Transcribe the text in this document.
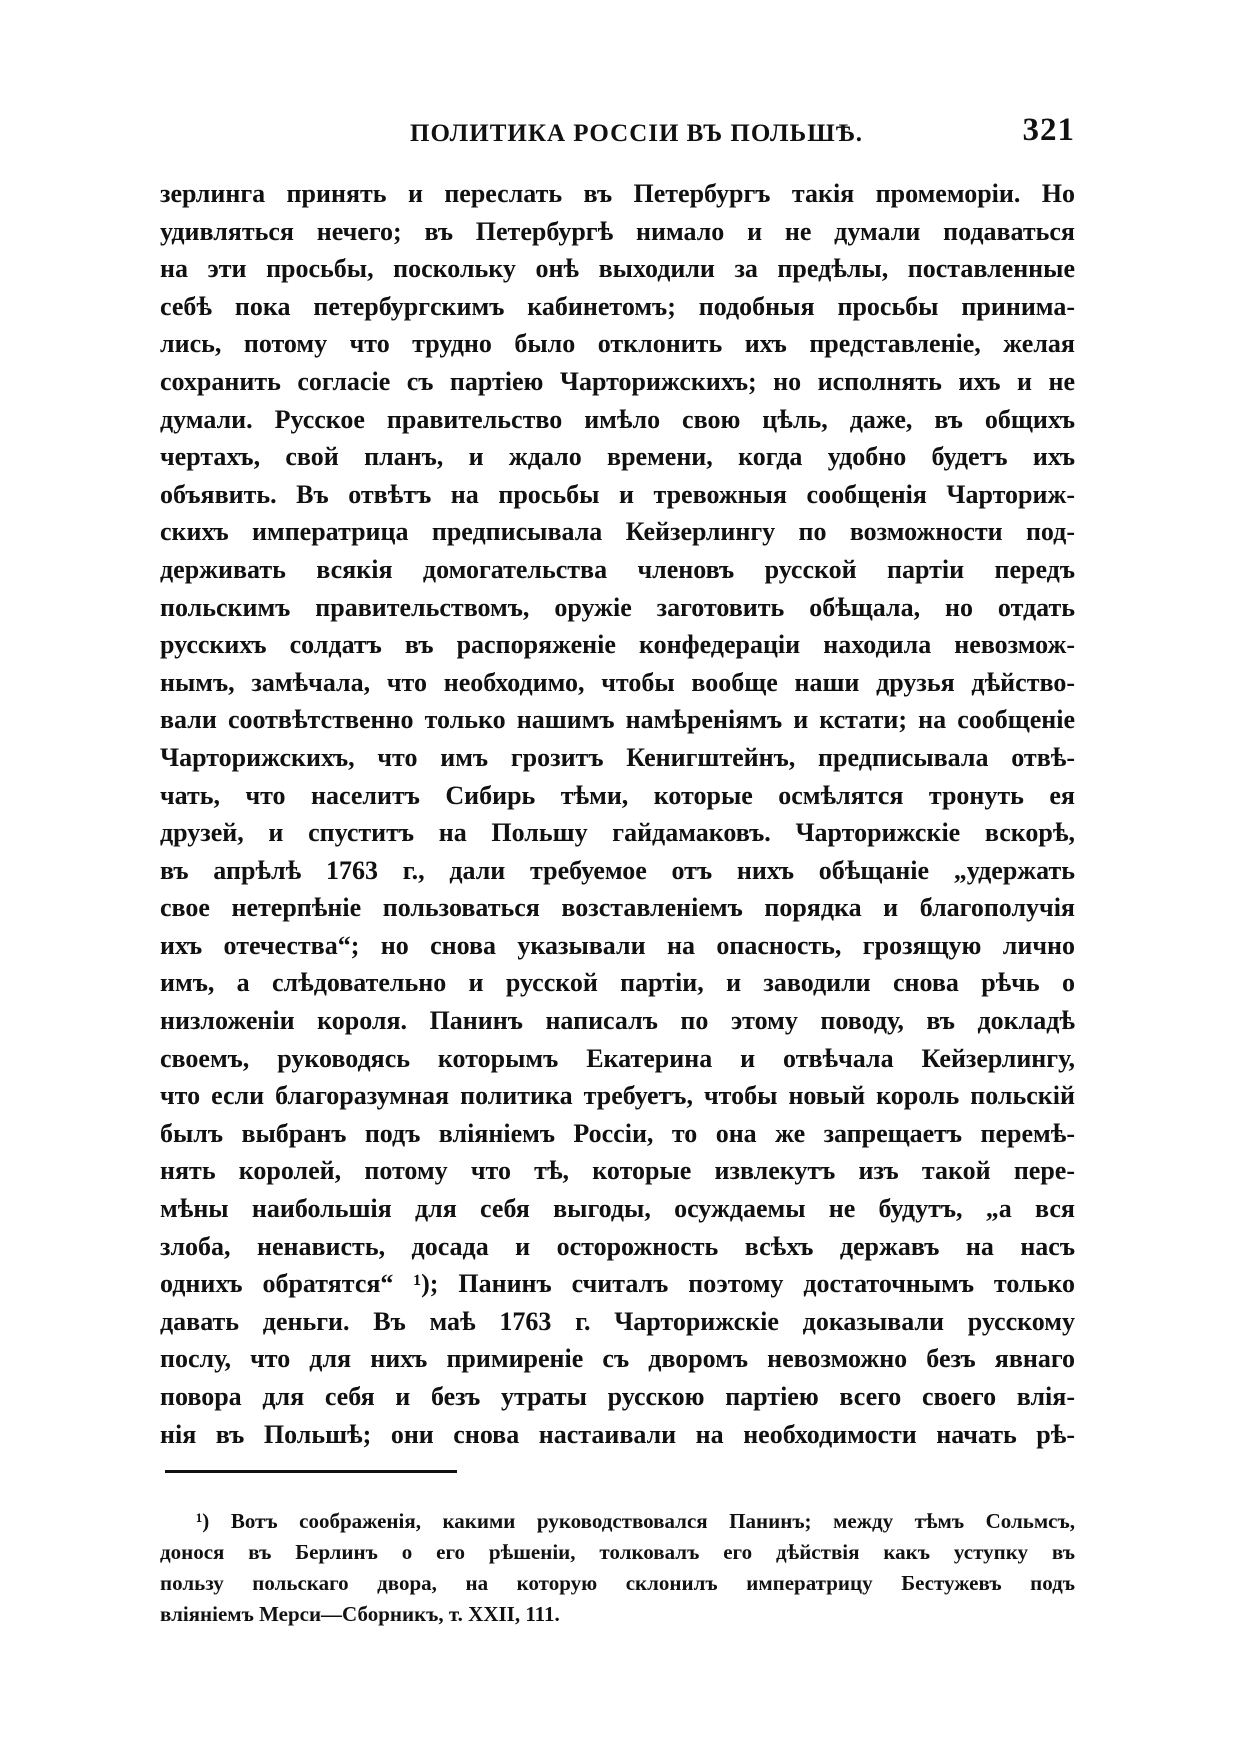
ПОЛИТИКА РОССІИ ВЪ ПОЛЬШѢ.	321
зерлинга принять и переслать въ Петербургъ такія промеморіи. Но
удивляться нечего; въ Петербургѣ нимало и не думали подаваться
на эти просьбы, поскольку онѣ выходили за предѣлы, поставленные
себѣ пока петербургскимъ кабинетомъ; подобныя просьбы принима-
лись, потому что трудно было отклонить ихъ представленіе, желая
сохранить согласіе съ партіею Чарторижскихъ; но исполнять ихъ и не
думали. Русское правительство имѣло свою цѣль, даже, въ общихъ
чертахъ, свой планъ, и ждало времени, когда удобно будетъ ихъ
объявить. Въ отвѣтъ на просьбы и тревожныя сообщенія Чарториж-
скихъ императрица предписывала Кейзерлингу по возможности под-
держивать всякія домогательства членовъ русской партіи передъ
польскимъ правительствомъ, оружіе заготовить обѣщала, но отдать
русскихъ солдатъ въ распоряженіе конфедераціи находила невозмож-
нымъ, замѣчала, что необходимо, чтобы вообще наши друзья дѣйство-
вали соотвѣтственно только нашимъ намѣреніямъ и кстати; на сообщеніе
Чарторижскихъ, что имъ грозитъ Кенигштейнъ, предписывала отвѣ-
чать, что населитъ Сибирь тѣми, которые осмѣлятся тронуть ея
друзей, и спуститъ на Польшу гайдамаковъ. Чарторижскіе вскорѣ,
въ апрѣлѣ 1763 г., дали требуемое отъ нихъ обѣщаніе „удержать
свое нетерпѣніе пользоваться возставленіемъ порядка и благополучія
ихъ отечества“; но снова указывали на опасность, грозящую лично
имъ, а слѣдовательно и русской партіи, и заводили снова рѣчь о
низложеніи короля. Панинъ написалъ по этому поводу, въ докладѣ
своемъ, руководясь которымъ Екатерина и отвѣчала Кейзерлингу,
что если благоразумная политика требуетъ, чтобы новый король польскій
былъ выбранъ подъ вліяніемъ Россіи, то она же запрещаетъ перемѣ-
нять королей, потому что тѣ, которые извлекутъ изъ такой пере-
мѣны наибольшія для себя выгоды, осуждаемы не будутъ, „а вся
злоба, ненависть, досада и осторожность всѣхъ державъ на насъ
однихъ обратятся“ ¹); Панинъ считалъ поэтому достаточнымъ только
давать деньги. Въ маѣ 1763 г. Чарторижскіе доказывали русскому
послу, что для нихъ примиреніе съ дворомъ невозможно безъ явнаго
повора для себя и безъ утраты русскою партіею всего своего влія-
нія въ Польшѣ; они снова настаивали на необходимости начать рѣ-
¹) Вотъ соображенія, какими руководствовался Панинъ; между тѣмъ Сольмсъ,
донося въ Берлинъ о его рѣшеніи, толковалъ его дѣйствія какъ уступку въ
пользу польскаго двора, на которую склонилъ императрицу Бестужевъ подъ
вліяніемъ Мерси—Сборникъ, т. XXII, 111.
